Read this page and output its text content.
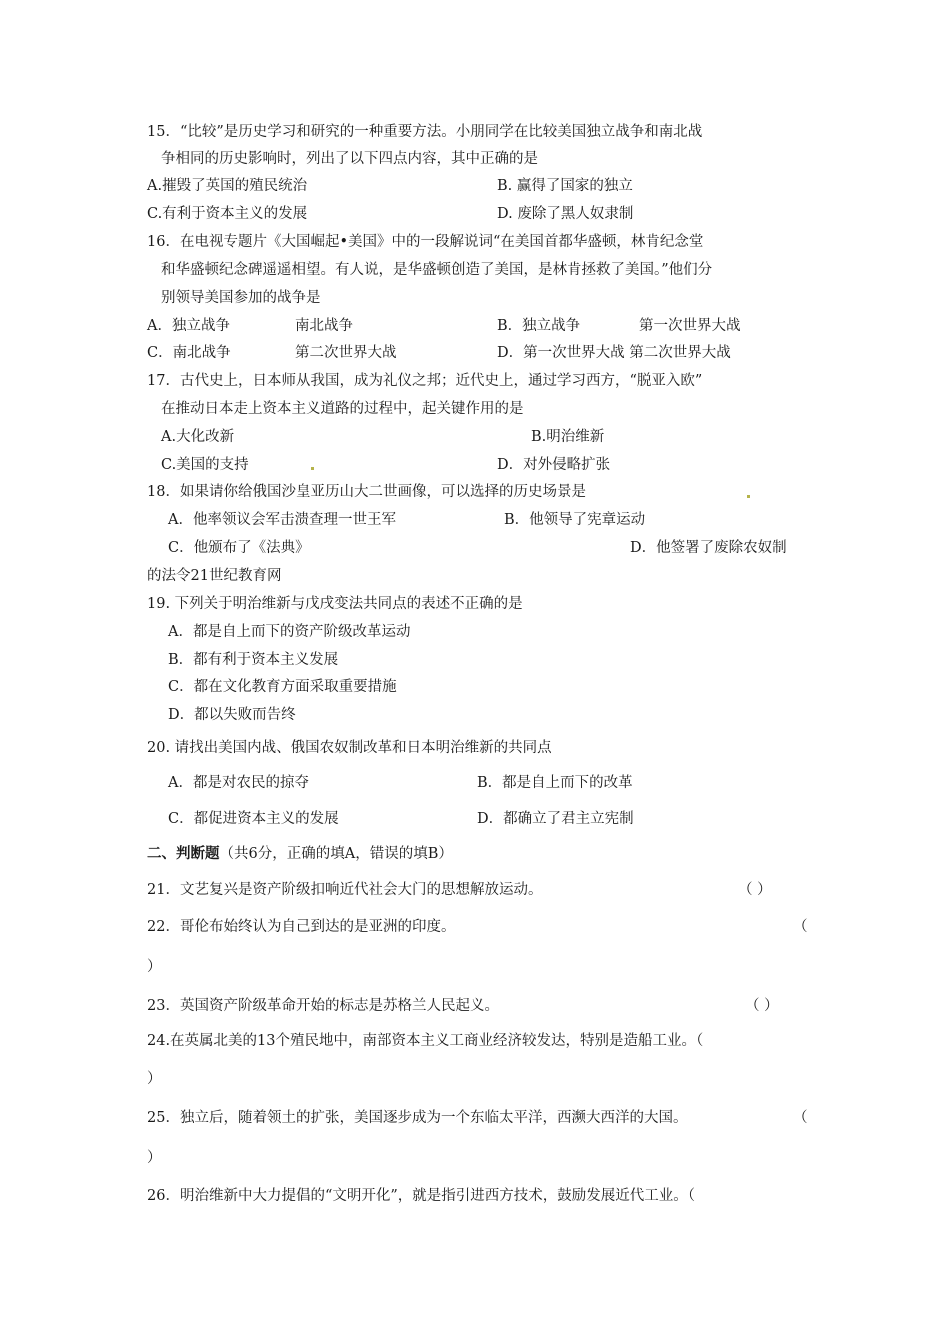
15．“比较”是历史学习和研究的一种重要方法。小朋同学在比较美国独立战争和南北战
争相同的历史影响时，列出了以下四点内容，其中正确的是
A.摧毁了英国的殖民统治	B. 赢得了国家的独立
C.有利于资本主义的发展	D. 废除了黑人奴隶制
16．在电视专题片《大国崛起•美国》中的一段解说词“在美国首都华盛顿，林肯纪念堂
和华盛顿纪念碑遥遥相望。有人说，是华盛顿创造了美国，是林肯拯救了美国。”他们分
别领导美国参加的战争是
A．独立战争	南北战争	B．独立战争	第一次世界大战
C．南北战争	第二次世界大战	D．第一次世界大战 第二次世界大战
17．古代史上，日本师从我国，成为礼仪之邦；近代史上，通过学习西方，“脱亚入欧”
在推动日本走上资本主义道路的过程中，起关键作用的是
A.大化改新	B.明治维新
C.美国的支持	D．对外侵略扩张
18．如果请你给俄国沙皇亚历山大二世画像，可以选择的历史场景是
A．他率领议会军击溃查理一世王军	B．他领导了宪章运动
C．他颁布了《法典》	D．他签署了废除农奴制
的法令21世纪教育网
19. 下列关于明治维新与戊戌变法共同点的表述不正确的是
A．都是自上而下的资产阶级改革运动
B．都有利于资本主义发展
C．都在文化教育方面采取重要措施
D．都以失败而告终
20. 请找出美国内战、俄国农奴制改革和日本明治维新的共同点
A．都是对农民的掠夺	B．都是自上而下的改革
C．都促进资本主义的发展	D．都确立了君主立宪制
二、判断题（共6分，正确的填A，错误的填B）
21．文艺复兴是资产阶级扣响近代社会大门的思想解放运动。	（ ）
22．哥伦布始终认为自己到达的是亚洲的印度。	（
）
23．英国资产阶级革命开始的标志是苏格兰人民起义。	（ ）
24.在英属北美的13个殖民地中，南部资本主义工商业经济较发达，特别是造船工业。（
）
25．独立后，随着领土的扩张，美国逐步成为一个东临太平洋，西濒大西洋的大国。	（
）
26．明治维新中大力提倡的“文明开化”，就是指引进西方技术，鼓励发展近代工业。（
